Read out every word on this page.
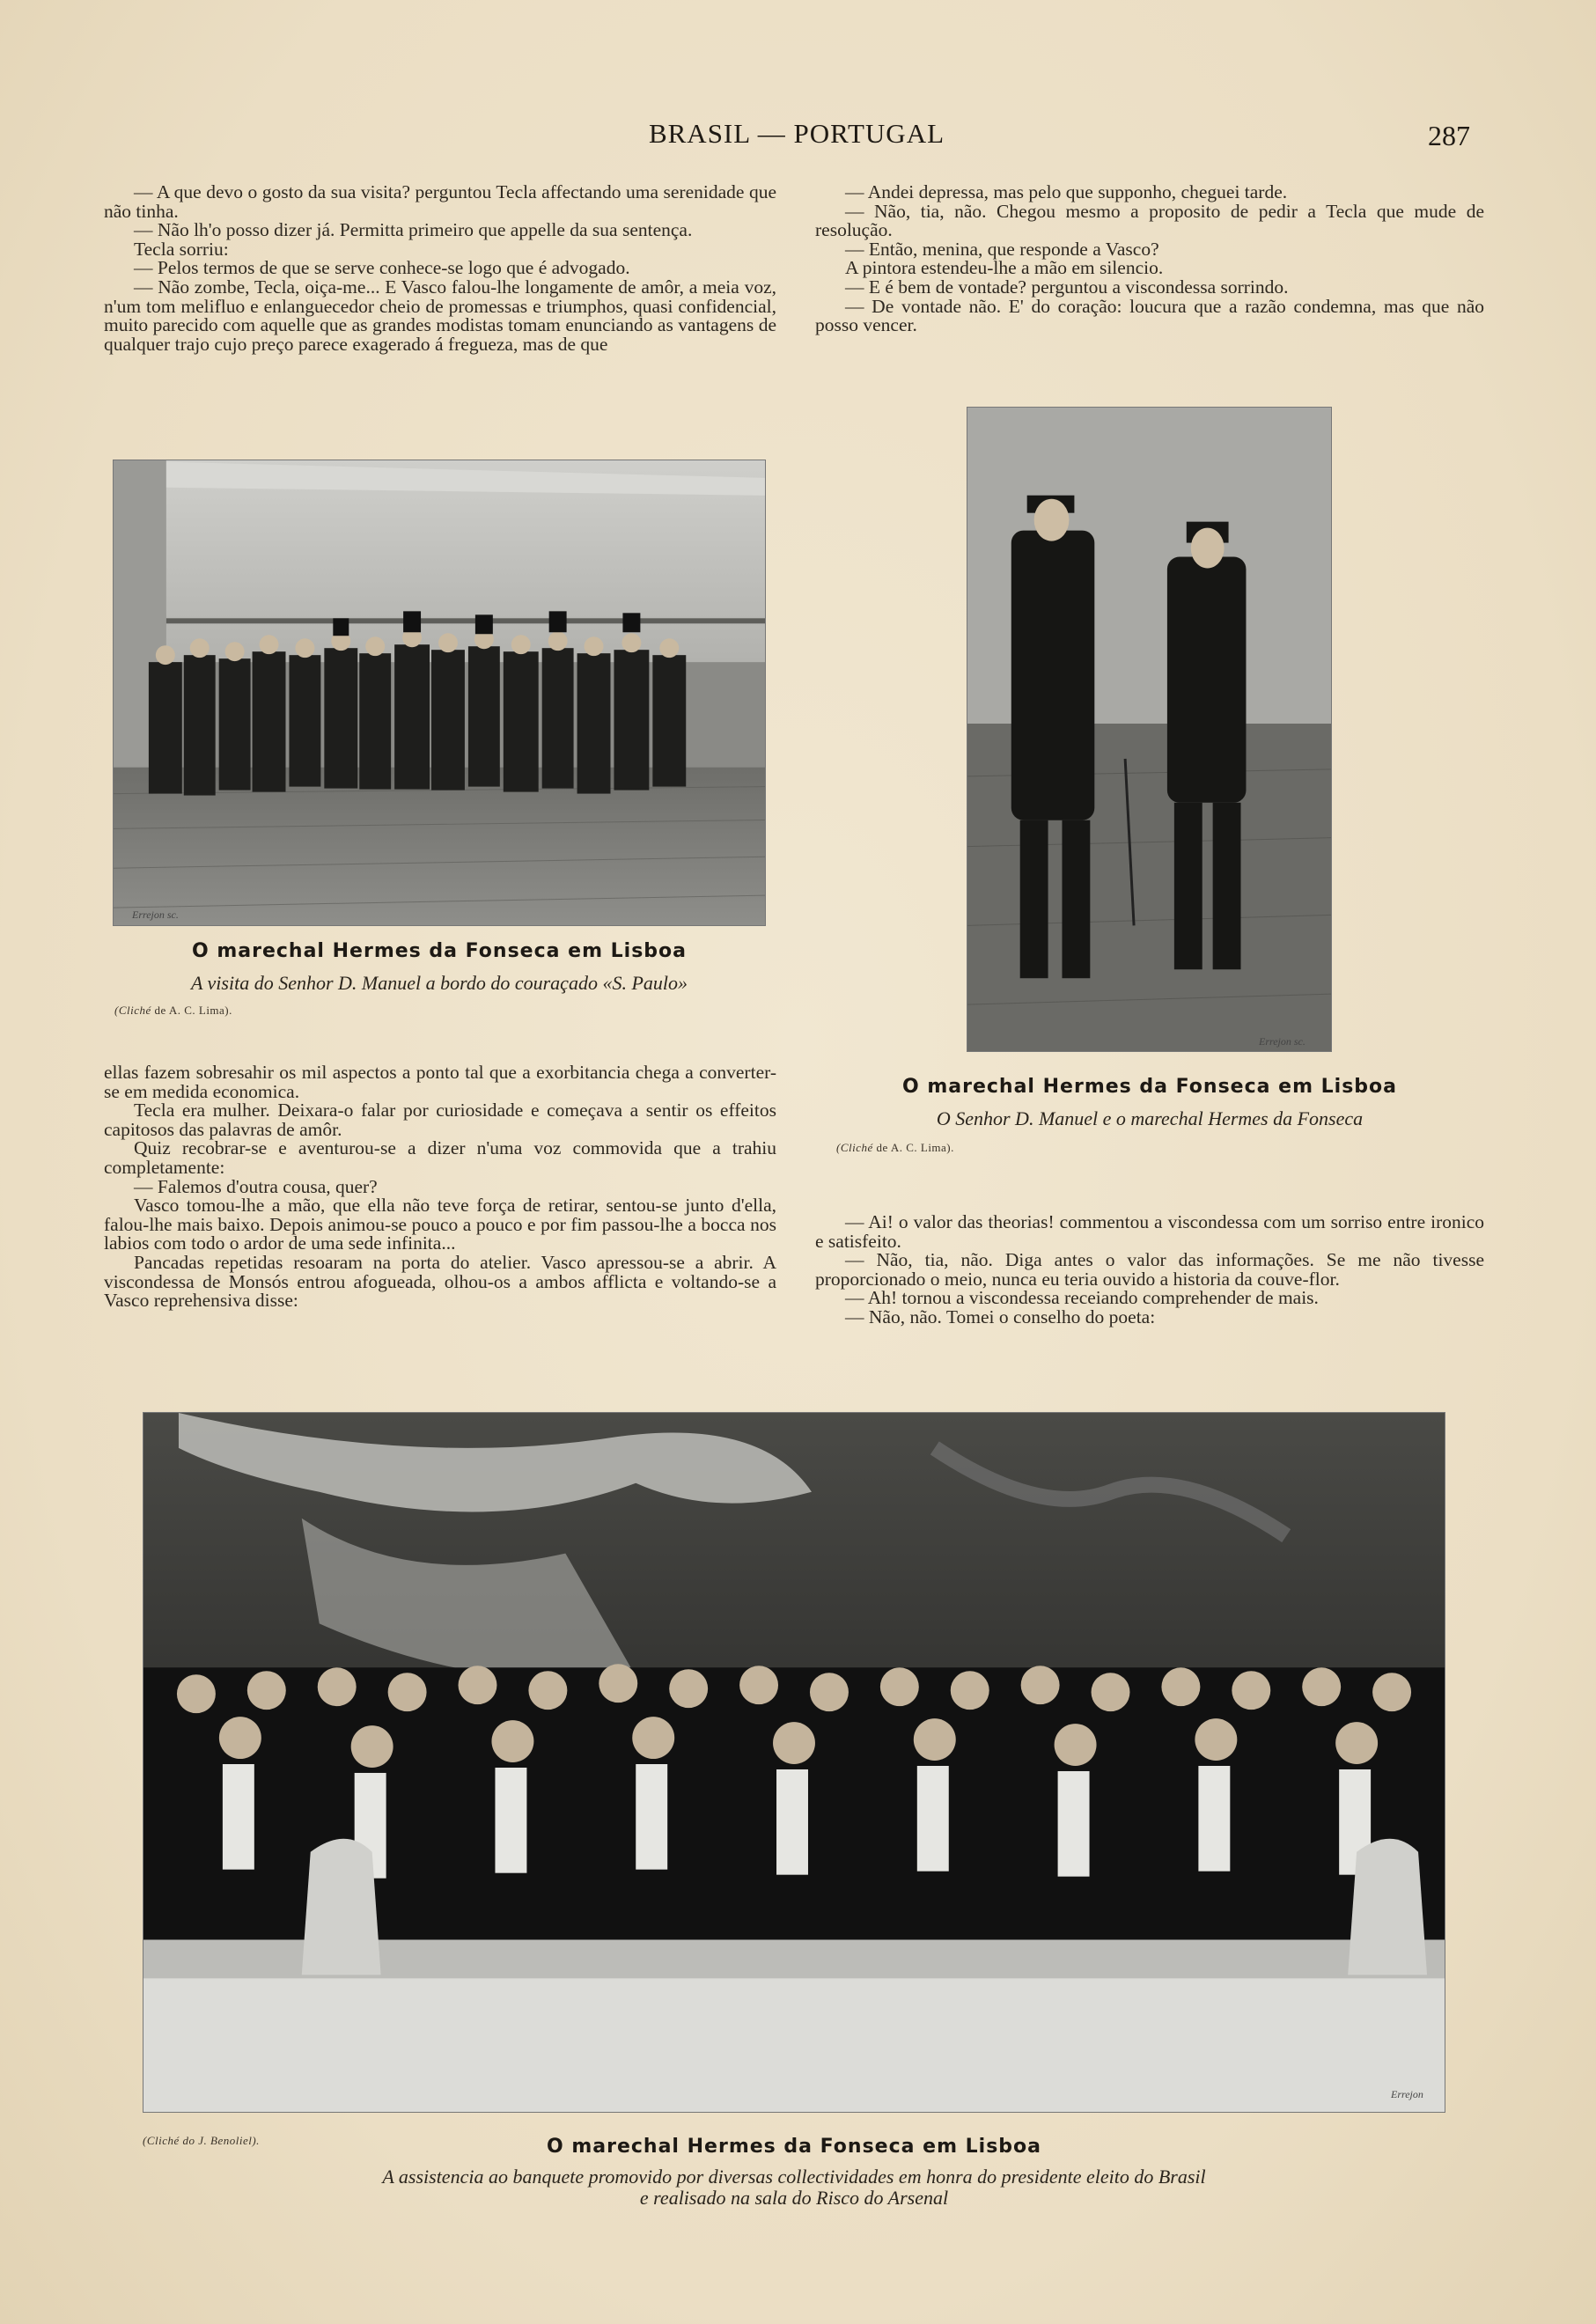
BRASIL — PORTUGAL	287

— A que devo o gosto da sua visita? perguntou Tecla affectando uma serenidade que não tinha.

— Não lh'o posso dizer já. Permitta primeiro que appelle da sua sentença.

Tecla sorriu:

— Pelos termos de que se serve conhece-se logo que é advogado.

— Não zombe, Tecla, oiça-me... E Vasco falou-lhe longamente de amôr, a meia voz, n'um tom melifluo e enlanguecedor cheio de promessas e triumphos, quasi confidencial, muito parecido com aquelle que as grandes modistas tomam enunciando as vantagens de qualquer trajo cujo preço parece exagerado á fregueza, mas de que

— Andei depressa, mas pelo que supponho, cheguei tarde.

— Não, tia, não. Chegou mesmo a proposito de pedir a Tecla que mude de resolução.

— Então, menina, que responde a Vasco?

A pintora estendeu-lhe a mão em silencio.

— E é bem de vontade? perguntou a viscondessa sorrindo.

— De vontade não. E' do coração: loucura que a razão condemna, mas que não posso vencer.

Errejon sc.
Errejon sc.
O marechal Hermes da Fonseca em Lisboa
A visita do Senhor D. Manuel a bordo do couraçado «S. Paulo»
(Cliché de A. C. Lima).
O marechal Hermes da Fonseca em Lisboa
O Senhor D. Manuel e o marechal Hermes da Fonseca
(Cliché de A. C. Lima).

ellas fazem sobresahir os mil aspectos a ponto tal que a exorbitancia chega a converter-se em medida economica.

Tecla era mulher. Deixara-o falar por curiosidade e começava a sentir os effeitos capitosos das palavras de amôr.

Quiz recobrar-se e aventurou-se a dizer n'uma voz commovida que a trahiu completamente:

— Falemos d'outra cousa, quer?

Vasco tomou-lhe a mão, que ella não teve força de retirar, sentou-se junto d'ella, falou-lhe mais baixo. Depois animou-se pouco a pouco e por fim passou-lhe a bocca nos labios com todo o ardor de uma sede infinita...

Pancadas repetidas resoaram na porta do atelier. Vasco apressou-se a abrir. A viscondessa de Monsós entrou afogueada, olhou-os a ambos afflicta e voltando-se a Vasco reprehensiva disse:

— Ai! o valor das theorias! commentou a viscondessa com um sorriso entre ironico e satisfeito.

— Não, tia, não. Diga antes o valor das informações. Se me não tivesse proporcionado o meio, nunca eu teria ouvido a historia da couve-flor.

— Ah! tornou a viscondessa receiando comprehender de mais.

— Não, não. Tomei o conselho do poeta:

Errejon
(Cliché do J. Benoliel).	O marechal Hermes da Fonseca em Lisboa
A assistencia ao banquete promovido por diversas collectividades em honra do presidente eleito do Brasil
e realisado na sala do Risco do Arsenal
